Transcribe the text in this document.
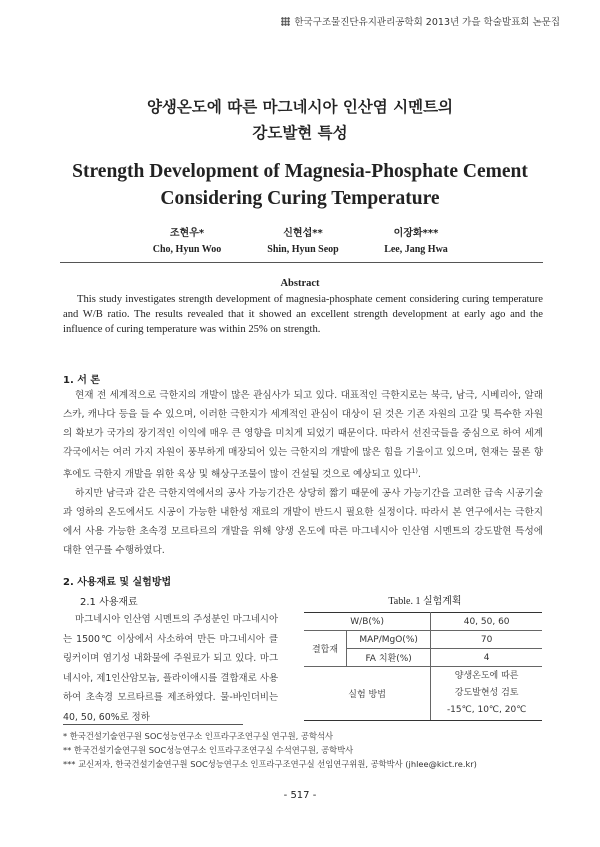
한국구조물진단유지관리공학회 2013년 가을 학술발표회 논문집
양생온도에 따른 마그네시아 인산염 시멘트의
강도발현 특성
Strength Development of Magnesia-Phosphate Cement
Considering Curing Temperature
조현우*
Cho, Hyun Woo
신현섭**
Shin, Hyun Seop
이장화***
Lee, Jang Hwa
Abstract
This study investigates strength development of magnesia-phosphate cement considering curing temperature and W/B ratio. The results revealed that it showed an excellent strength development at early ago and the influence of curing temperature was within 25% on strength.
1. 서 론

현재 전 세계적으로 극한지의 개발이 많은 관심사가 되고 있다. 대표적인 극한지로는 북극, 남극, 시베리아, 알래스카, 캐나다 등을 들 수 있으며, 이러한 극한지가 세계적인 관심이 대상이 된 것은 기존 자원의 고갈 및 특수한 자원의 확보가 국가의 장기적인 이익에 매우 큰 영향을 미치게 되었기 때문이다. 따라서 선진국들을 중심으로 하여 세계 각국에서는 여러 가지 자원이 풍부하게 매장되어 있는 극한지의 개발에 많은 힘을 기울이고 있으며, 현재는 물론 향후에도 극한지 개발을 위한 육상 및 해상구조물이 많이 건설될 것으로 예상되고 있다$^{1)}$.

하지만 남극과 같은 극한지역에서의 공사 가능기간은 상당히 짧기 때문에 공사 가능기간을 고려한 급속 시공기술과 영하의 온도에서도 시공이 가능한 내한성 재료의 개발이 반드시 필요한 실정이다. 따라서 본 연구에서는 극한지에서 사용 가능한 초속경 모르타르의 개발을 위해 양생 온도에 따른 마그네시아 인산염 시멘트의 강도발현 특성에 대한 연구를 수행하였다.

2. 사용재료 및 실험방법
2.1 사용재료
마그네시아 인산염 시멘트의 주성분인 마그네시아는 1500℃ 이상에서 사소하여 만든 마그네시아 클링커이며 염기성 내화물에 주원료가 되고 있다. 마그네시아, 제1인산암모늄, 플라이애시를 결합재로 사용하여 초속경 모르타르를 제조하였다. 물-바인더비는 40, 50, 60%로 정하
Table. 1 실험계획
W/B(%)		40, 50, 60
결합재	MAP/MgO(%)	70
	FA 치환(%)	4
실험 방법		양생온도에 따른
강도발현성 검토
-15℃, 10℃, 20℃
* 한국건설기술연구원 SOC성능연구소 인프라구조연구실 연구원, 공학석사
** 한국건설기술연구원 SOC성능연구소 인프라구조연구실 수석연구원, 공학박사
*** 교신저자, 한국건설기술연구원 SOC성능연구소 인프라구조연구실 선임연구위원, 공학박사 (jhlee@kict.re.kr)
- 517 -
